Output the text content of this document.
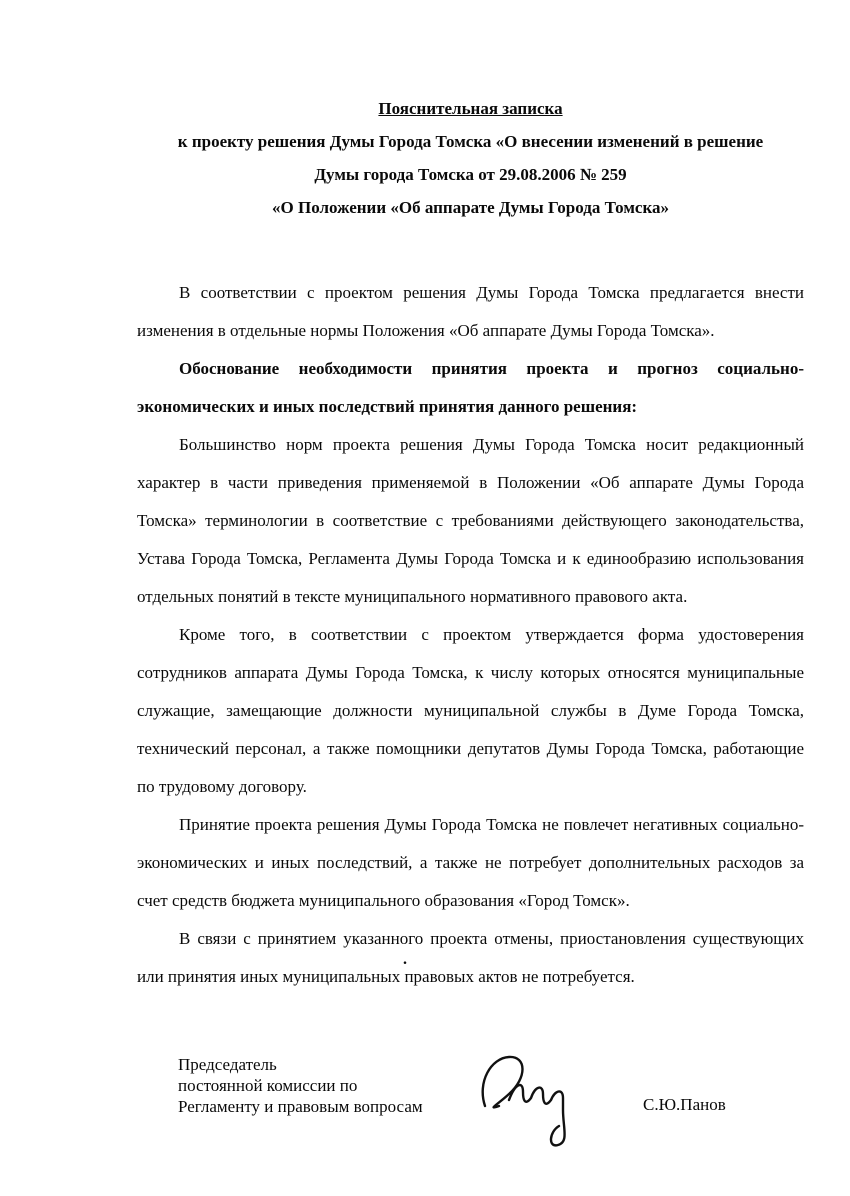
Пояснительная записка
к проекту решения Думы Города Томска «О внесении изменений в решение
Думы города Томска от 29.08.2006 № 259
«О Положении «Об аппарате Думы Города Томска»

В соответствии с проектом решения Думы Города Томска предлагается внести изменения в отдельные нормы Положения «Об аппарате Думы Города Томска».

Обоснование необходимости принятия проекта и прогноз социально-экономических и иных последствий принятия данного решения:

Большинство норм проекта решения Думы Города Томска носит редакционный характер в части приведения применяемой в Положении «Об аппарате Думы Города Томска» терминологии в соответствие с требованиями действующего законодательства, Устава Города Томска, Регламента Думы Города Томска и к единообразию использования отдельных понятий в тексте муниципального нормативного правового акта.

Кроме того, в соответствии с проектом утверждается форма удостоверения сотрудников аппарата Думы Города Томска, к числу которых относятся муниципальные служащие, замещающие должности муниципальной службы в Думе Города Томска, технический персонал, а также помощники депутатов Думы Города Томска, работающие по трудовому договору.

Принятие проекта решения Думы Города Томска не повлечет негативных социально-экономических и иных последствий, а также не потребует дополнительных расходов за счет средств бюджета муниципального образования «Город Томск».

В связи с принятием указанного проекта отмены, приостановления существующих или принятия иных муниципальных правовых актов не потребуется.

Председатель
постоянной комиссии по
Регламенту и правовым вопросам	С.Ю.Панов
.
